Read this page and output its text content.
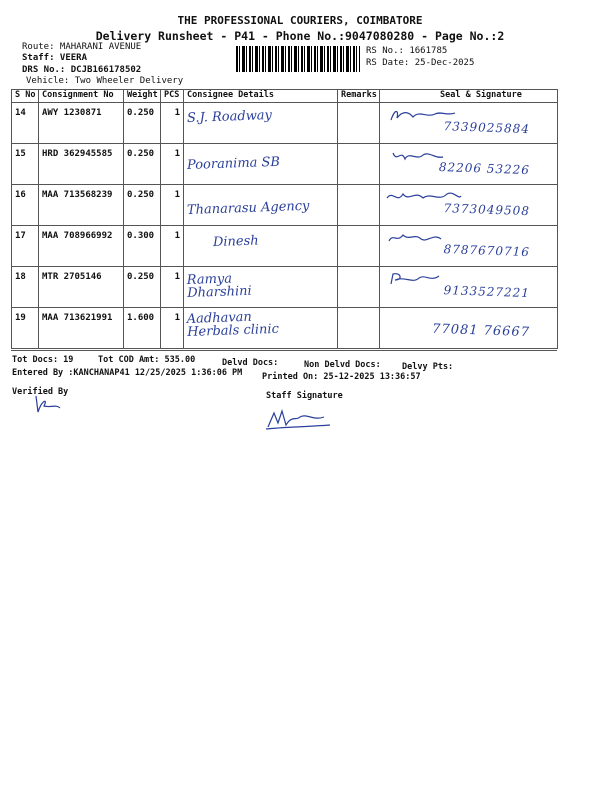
THE PROFESSIONAL COURIERS, COIMBATORE
Delivery Runsheet - P41 - Phone No.:9047080280 - Page No.:2
Route: MAHARANI AVENUE
Staff: VEERA
DRS No.: DCJB166178502
Vehicle: Two Wheeler Delivery
RS No.: 1661785
RS Date: 25-Dec-2025
S No	Consignment No	Weight	PCS	Consignee Details	Remarks	Seal & Signature
14	AWY 1230871	0.250	1	S.J. Roadway		7339025884

15	HRD 362945585	0.250	1	Pooranima SB		82206 53226

16	MAA 713568239	0.250	1	Thanarasu Agency		7373049508

17	MAA 708966992	0.300	1	Dinesh		8787670716

18	MTR 2705146	0.250	1	Ramya Dharshini		9133527221

19	MAA 713621991	1.600	1	Aadhavan Herbals clinic		77081 76667
Tot Docs: 19	Tot COD Amt: 535.00	Delvd Docs:	Non Delvd Docs: Delvy Pts:
Entered By :KANCHANAP41 12/25/2025 1:36:06 PM Printed On: 25-12-2025 13:36:57
Verified By	Staff Signature
